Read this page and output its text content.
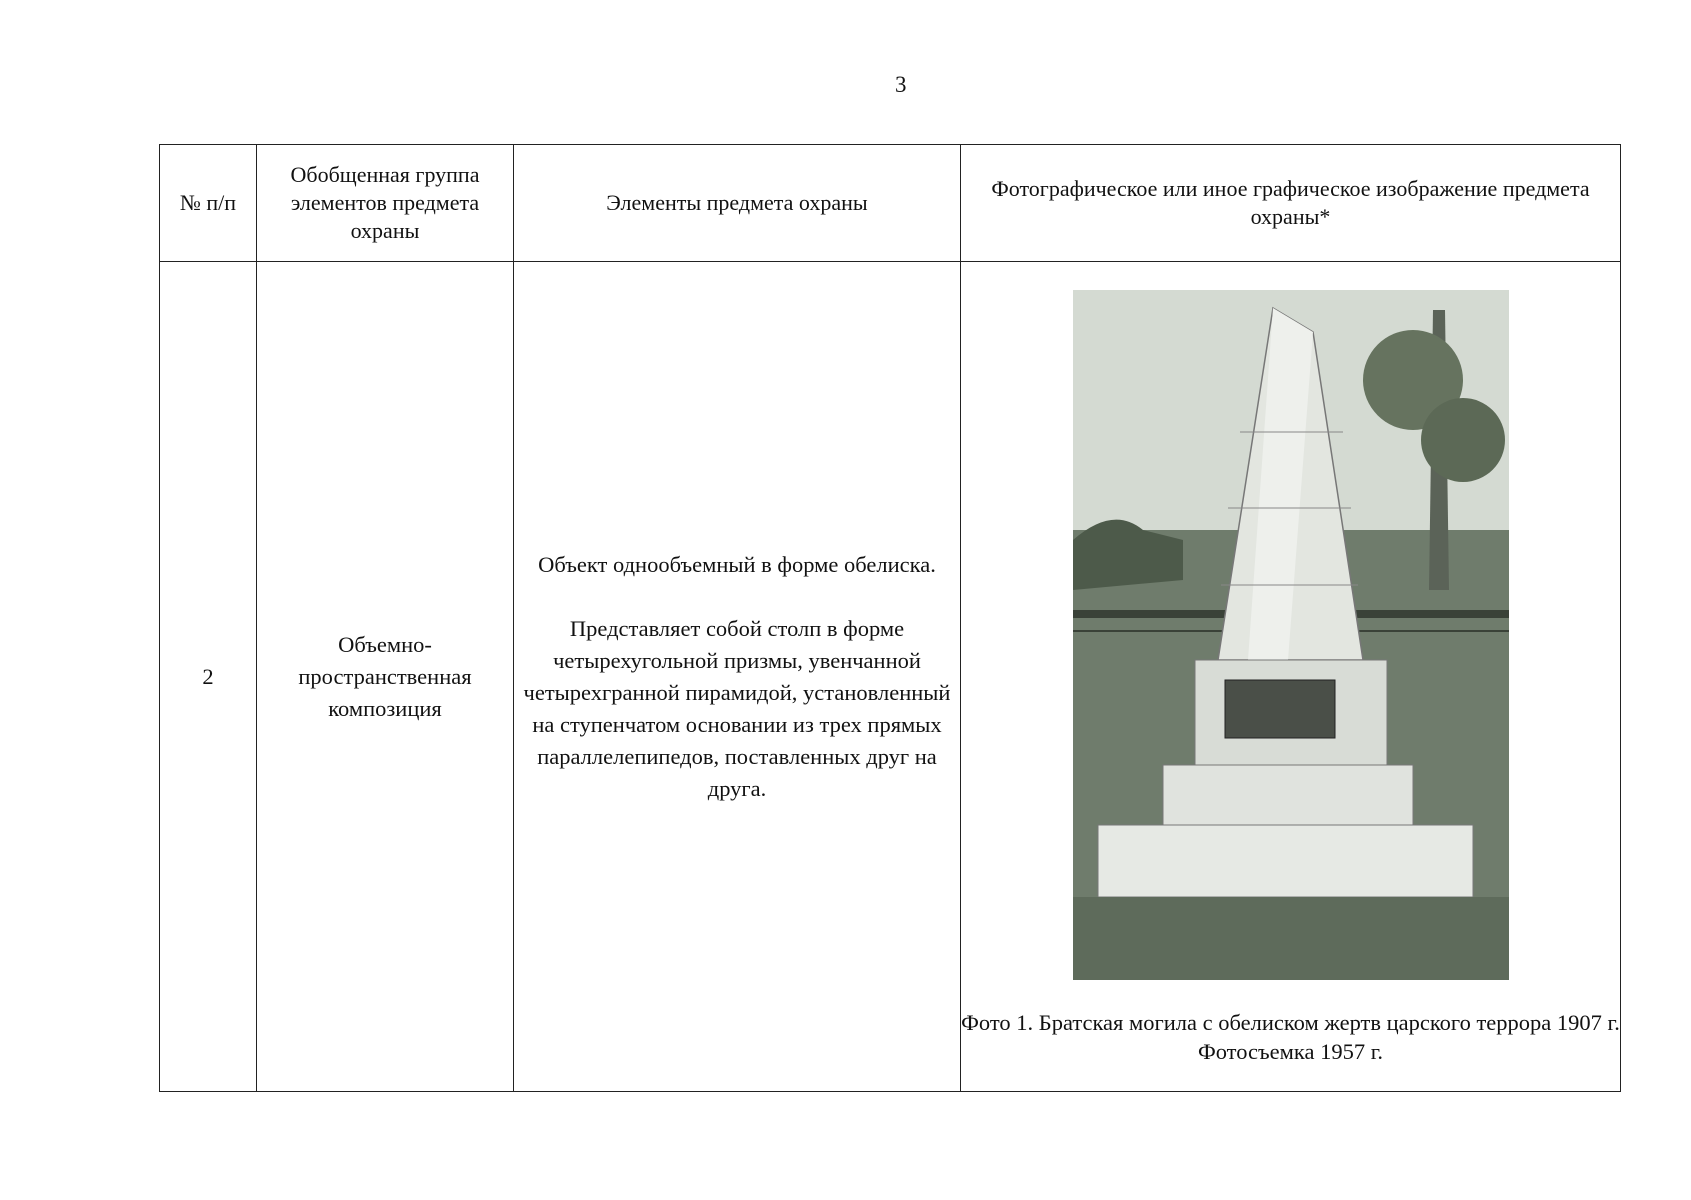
3
№ п/п	Обобщенная группа элементов предмета охраны	Элементы предмета охраны	Фотографическое или иное графическое изображение предмета охраны*
2	Объемно-пространственная композиция	Объект однообъемный в форме обелиска.
Представляет собой столп в форме четырехугольной призмы, увенчанной четырехгранной пирамидой, установленный на ступенчатом основании из трех прямых параллелепипедов, поставленных друг на друга.	Фото 1. Братская могила с обелиском жертв царского террора 1907 г. Фотосъемка 1957 г.
